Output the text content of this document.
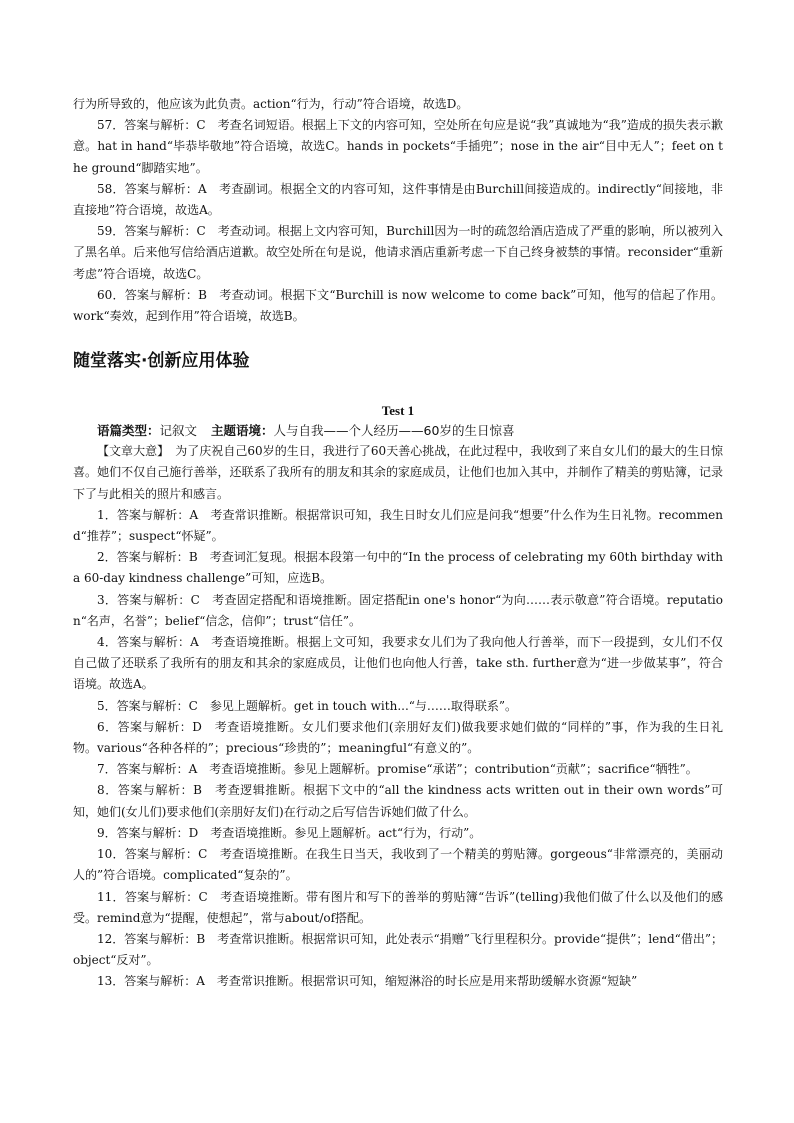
行为所导致的，他应该为此负责。action“行为，行动”符合语境，故选D。

57．答案与解析：C　考查名词短语。根据上下文的内容可知，空处所在句应是说“我”真诚地为“我”造成的损失表示歉意。hat in hand“毕恭毕敬地”符合语境，故选C。hands in pockets“手插兜”；nose in the air“目中无人”；feet on the ground“脚踏实地”。

58．答案与解析：A　考查副词。根据全文的内容可知，这件事情是由Burchill间接造成的。indirectly“间接地，非直接地”符合语境，故选A。

59．答案与解析：C　考查动词。根据上文内容可知，Burchill因为一时的疏忽给酒店造成了严重的影响，所以被列入了黑名单。后来他写信给酒店道歉。故空处所在句是说，他请求酒店重新考虑一下自己终身被禁的事情。reconsider“重新考虑”符合语境，故选C。

60．答案与解析：B　考查动词。根据下文“Burchill is now welcome to come back”可知，他写的信起了作用。work“奏效，起到作用”符合语境，故选B。

随堂落实·创新应用体验
Test 1

语篇类型：记叙文 主题语境：人与自我——个人经历——60岁的生日惊喜

【文章大意】　为了庆祝自己60岁的生日，我进行了60天善心挑战，在此过程中，我收到了来自女儿们的最大的生日惊喜。她们不仅自己施行善举，还联系了我所有的朋友和其余的家庭成员，让他们也加入其中，并制作了精美的剪贴簿，记录下了与此相关的照片和感言。

1．答案与解析：A　考查常识推断。根据常识可知，我生日时女儿们应是问我“想要”什么作为生日礼物。recommend“推荐”；suspect“怀疑”。

2．答案与解析：B　考查词汇复现。根据本段第一句中的“In the process of celebrating my 60th birthday with a 60-day kindness challenge”可知，应选B。

3．答案与解析：C　考查固定搭配和语境推断。固定搭配in one's honor“为向……表示敬意”符合语境。reputation“名声，名誉”；belief“信念，信仰”；trust“信任”。

4．答案与解析：A　考查语境推断。根据上文可知，我要求女儿们为了我向他人行善举，而下一段提到，女儿们不仅自己做了还联系了我所有的朋友和其余的家庭成员，让他们也向他人行善，take sth. further意为“进一步做某事”，符合语境。故选A。

5．答案与解析：C　参见上题解析。get in touch with...“与……取得联系”。

6．答案与解析：D　考查语境推断。女儿们要求他们(亲朋好友们)做我要求她们做的“同样的”事，作为我的生日礼物。various“各种各样的”；precious“珍贵的”；meaningful“有意义的”。

7．答案与解析：A　考查语境推断。参见上题解析。promise“承诺”；contribution“贡献”；sacrifice“牺牲”。

8．答案与解析：B　考查逻辑推断。根据下文中的“all the kindness acts written out in their own words”可知，她们(女儿们)要求他们(亲朋好友们)在行动之后写信告诉她们做了什么。

9．答案与解析：D　考查语境推断。参见上题解析。act“行为，行动”。

10．答案与解析：C　考查语境推断。在我生日当天，我收到了一个精美的剪贴簿。gorgeous“非常漂亮的，美丽动人的”符合语境。complicated“复杂的”。

11．答案与解析：C　考查语境推断。带有图片和写下的善举的剪贴簿“告诉”(telling)我他们做了什么以及他们的感受。remind意为“提醒，使想起”，常与about/of搭配。

12．答案与解析：B　考查常识推断。根据常识可知，此处表示“捐赠”飞行里程积分。provide“提供”；lend“借出”；object“反对”。

13．答案与解析：A　考查常识推断。根据常识可知，缩短淋浴的时长应是用来帮助缓解水资源“短缺”
